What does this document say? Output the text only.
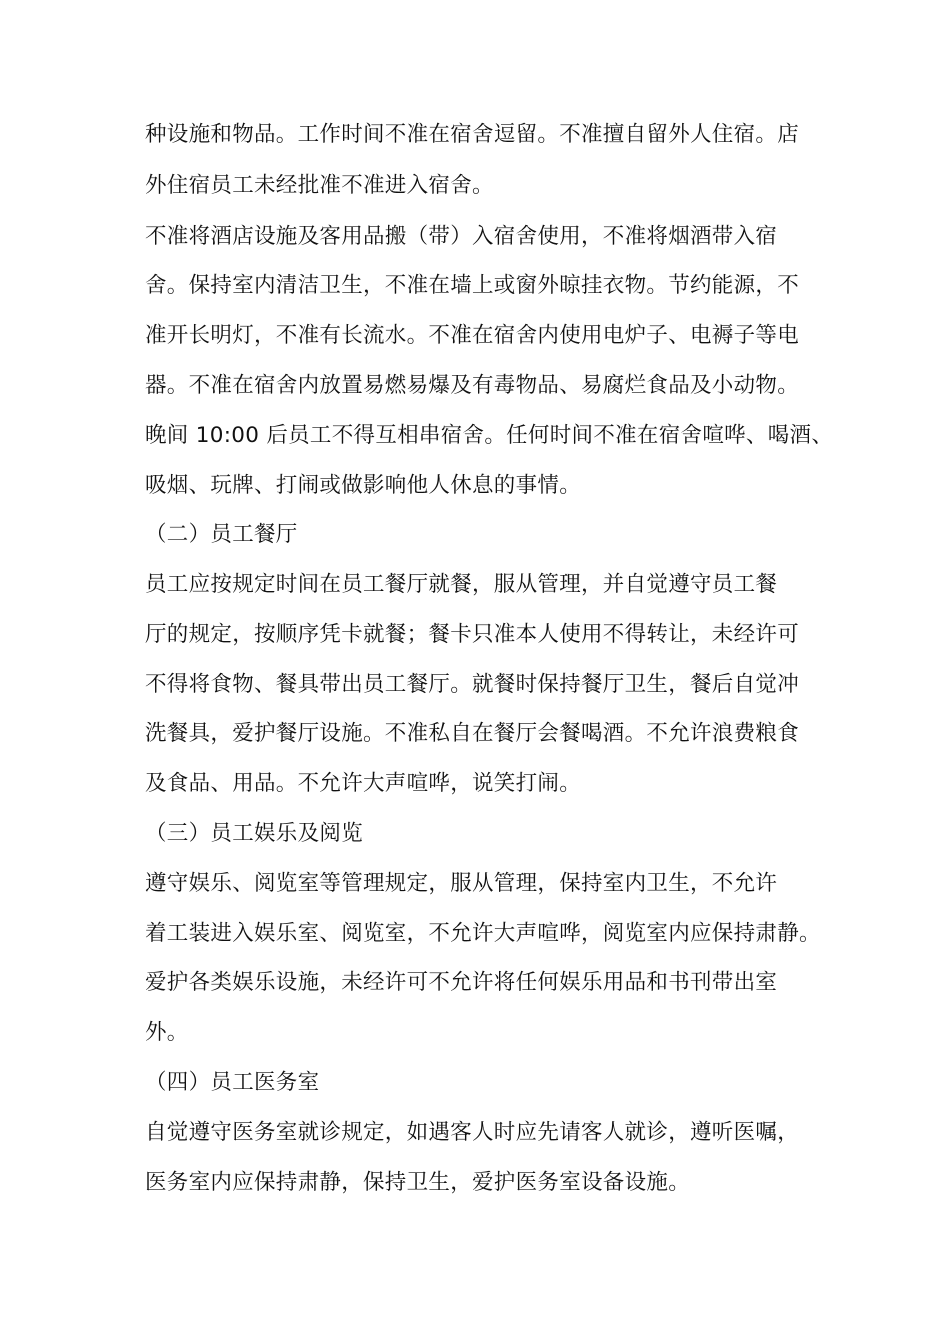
种设施和物品。工作时间不准在宿舍逗留。不准擅自留外人住宿。店
外住宿员工未经批准不准进入宿舍。
不准将酒店设施及客用品搬（带）入宿舍使用，不准将烟酒带入宿
舍。保持室内清洁卫生，不准在墙上或窗外晾挂衣物。节约能源，不
准开长明灯，不准有长流水。不准在宿舍内使用电炉子、电褥子等电
器。不准在宿舍内放置易燃易爆及有毒物品、易腐烂食品及小动物。
晚间 10:00 后员工不得互相串宿舍。任何时间不准在宿舍喧哗、喝酒、
吸烟、玩牌、打闹或做影响他人休息的事情。
（二）员工餐厅
员工应按规定时间在员工餐厅就餐，服从管理，并自觉遵守员工餐
厅的规定，按顺序凭卡就餐；餐卡只准本人使用不得转让，未经许可
不得将食物、餐具带出员工餐厅。就餐时保持餐厅卫生，餐后自觉冲
洗餐具，爱护餐厅设施。不准私自在餐厅会餐喝酒。不允许浪费粮食
及食品、用品。不允许大声喧哗，说笑打闹。
（三）员工娱乐及阅览
遵守娱乐、阅览室等管理规定，服从管理，保持室内卫生，不允许
着工装进入娱乐室、阅览室，不允许大声喧哗，阅览室内应保持肃静。
爱护各类娱乐设施，未经许可不允许将任何娱乐用品和书刊带出室
外。
（四）员工医务室
自觉遵守医务室就诊规定，如遇客人时应先请客人就诊，遵听医嘱，
医务室内应保持肃静，保持卫生，爱护医务室设备设施。
